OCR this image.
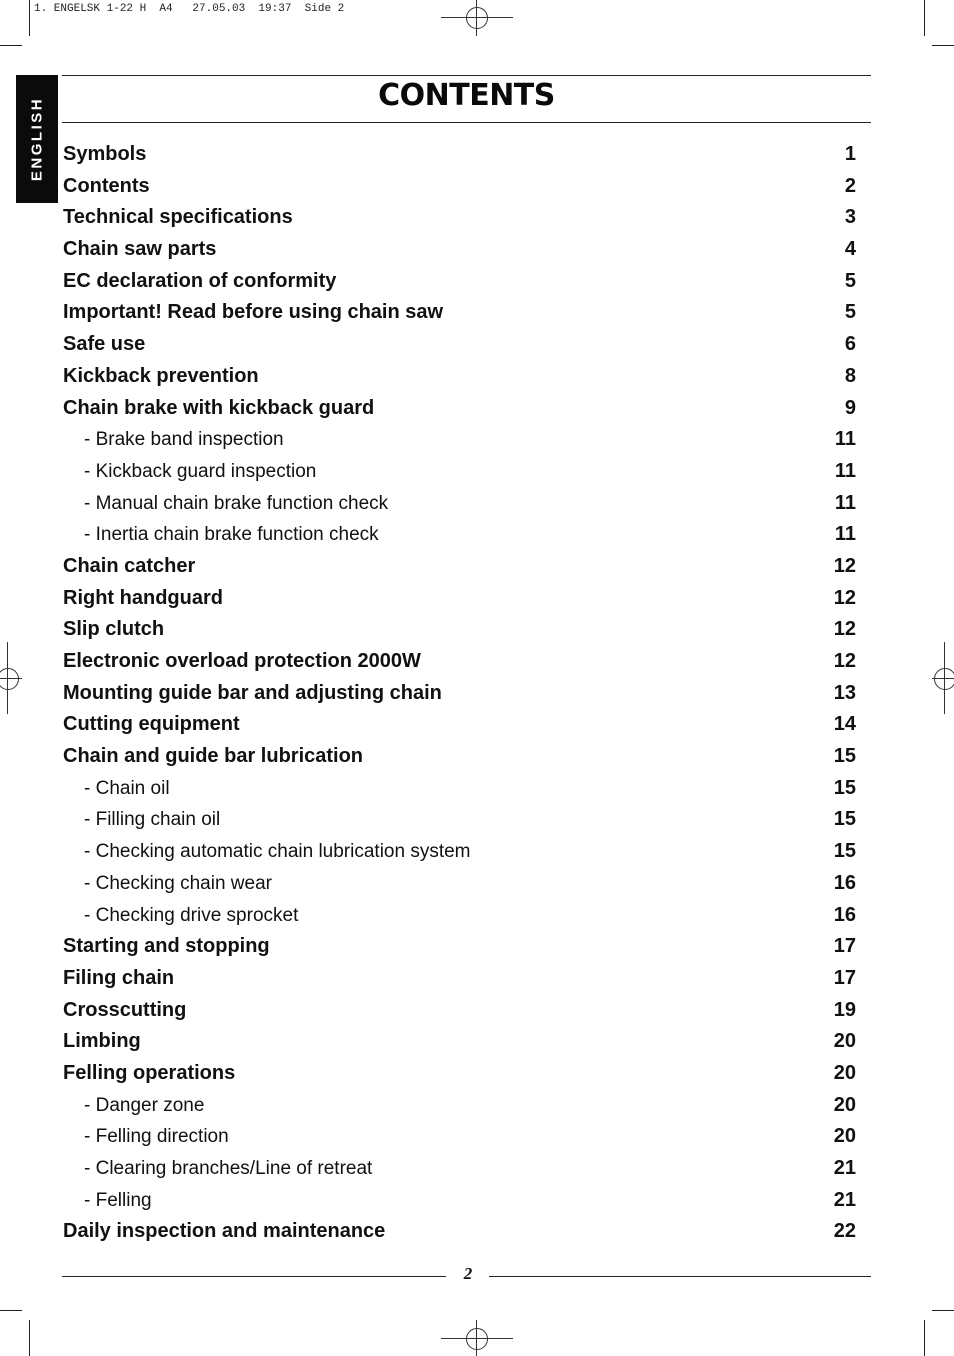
1. ENGELSK 1-22 H  A4   27.05.03  19:37  Side 2
ENGLISH
CONTENTS
Symbols	1
Contents	2
Technical specifications	3
Chain saw parts	4
EC declaration of conformity	5
Important! Read before using chain saw	5
Safe use	6
Kickback prevention	8
Chain brake with kickback guard	9
- Brake band inspection	11
- Kickback guard inspection	11
- Manual chain brake function check	11
- Inertia chain brake function check	11
Chain catcher	12
Right handguard	12
Slip clutch	12
Electronic overload protection 2000W	12
Mounting guide bar and adjusting chain	13
Cutting equipment	14
Chain and guide bar lubrication	15
- Chain oil	15
- Filling chain oil	15
- Checking automatic chain lubrication system	15
- Checking chain wear	16
- Checking drive sprocket	16
Starting and stopping	17
Filing chain	17
Crosscutting	19
Limbing	20
Felling operations	20
- Danger zone	20
- Felling direction	20
- Clearing branches/Line of retreat	21
- Felling	21
Daily inspection and maintenance	22
2
